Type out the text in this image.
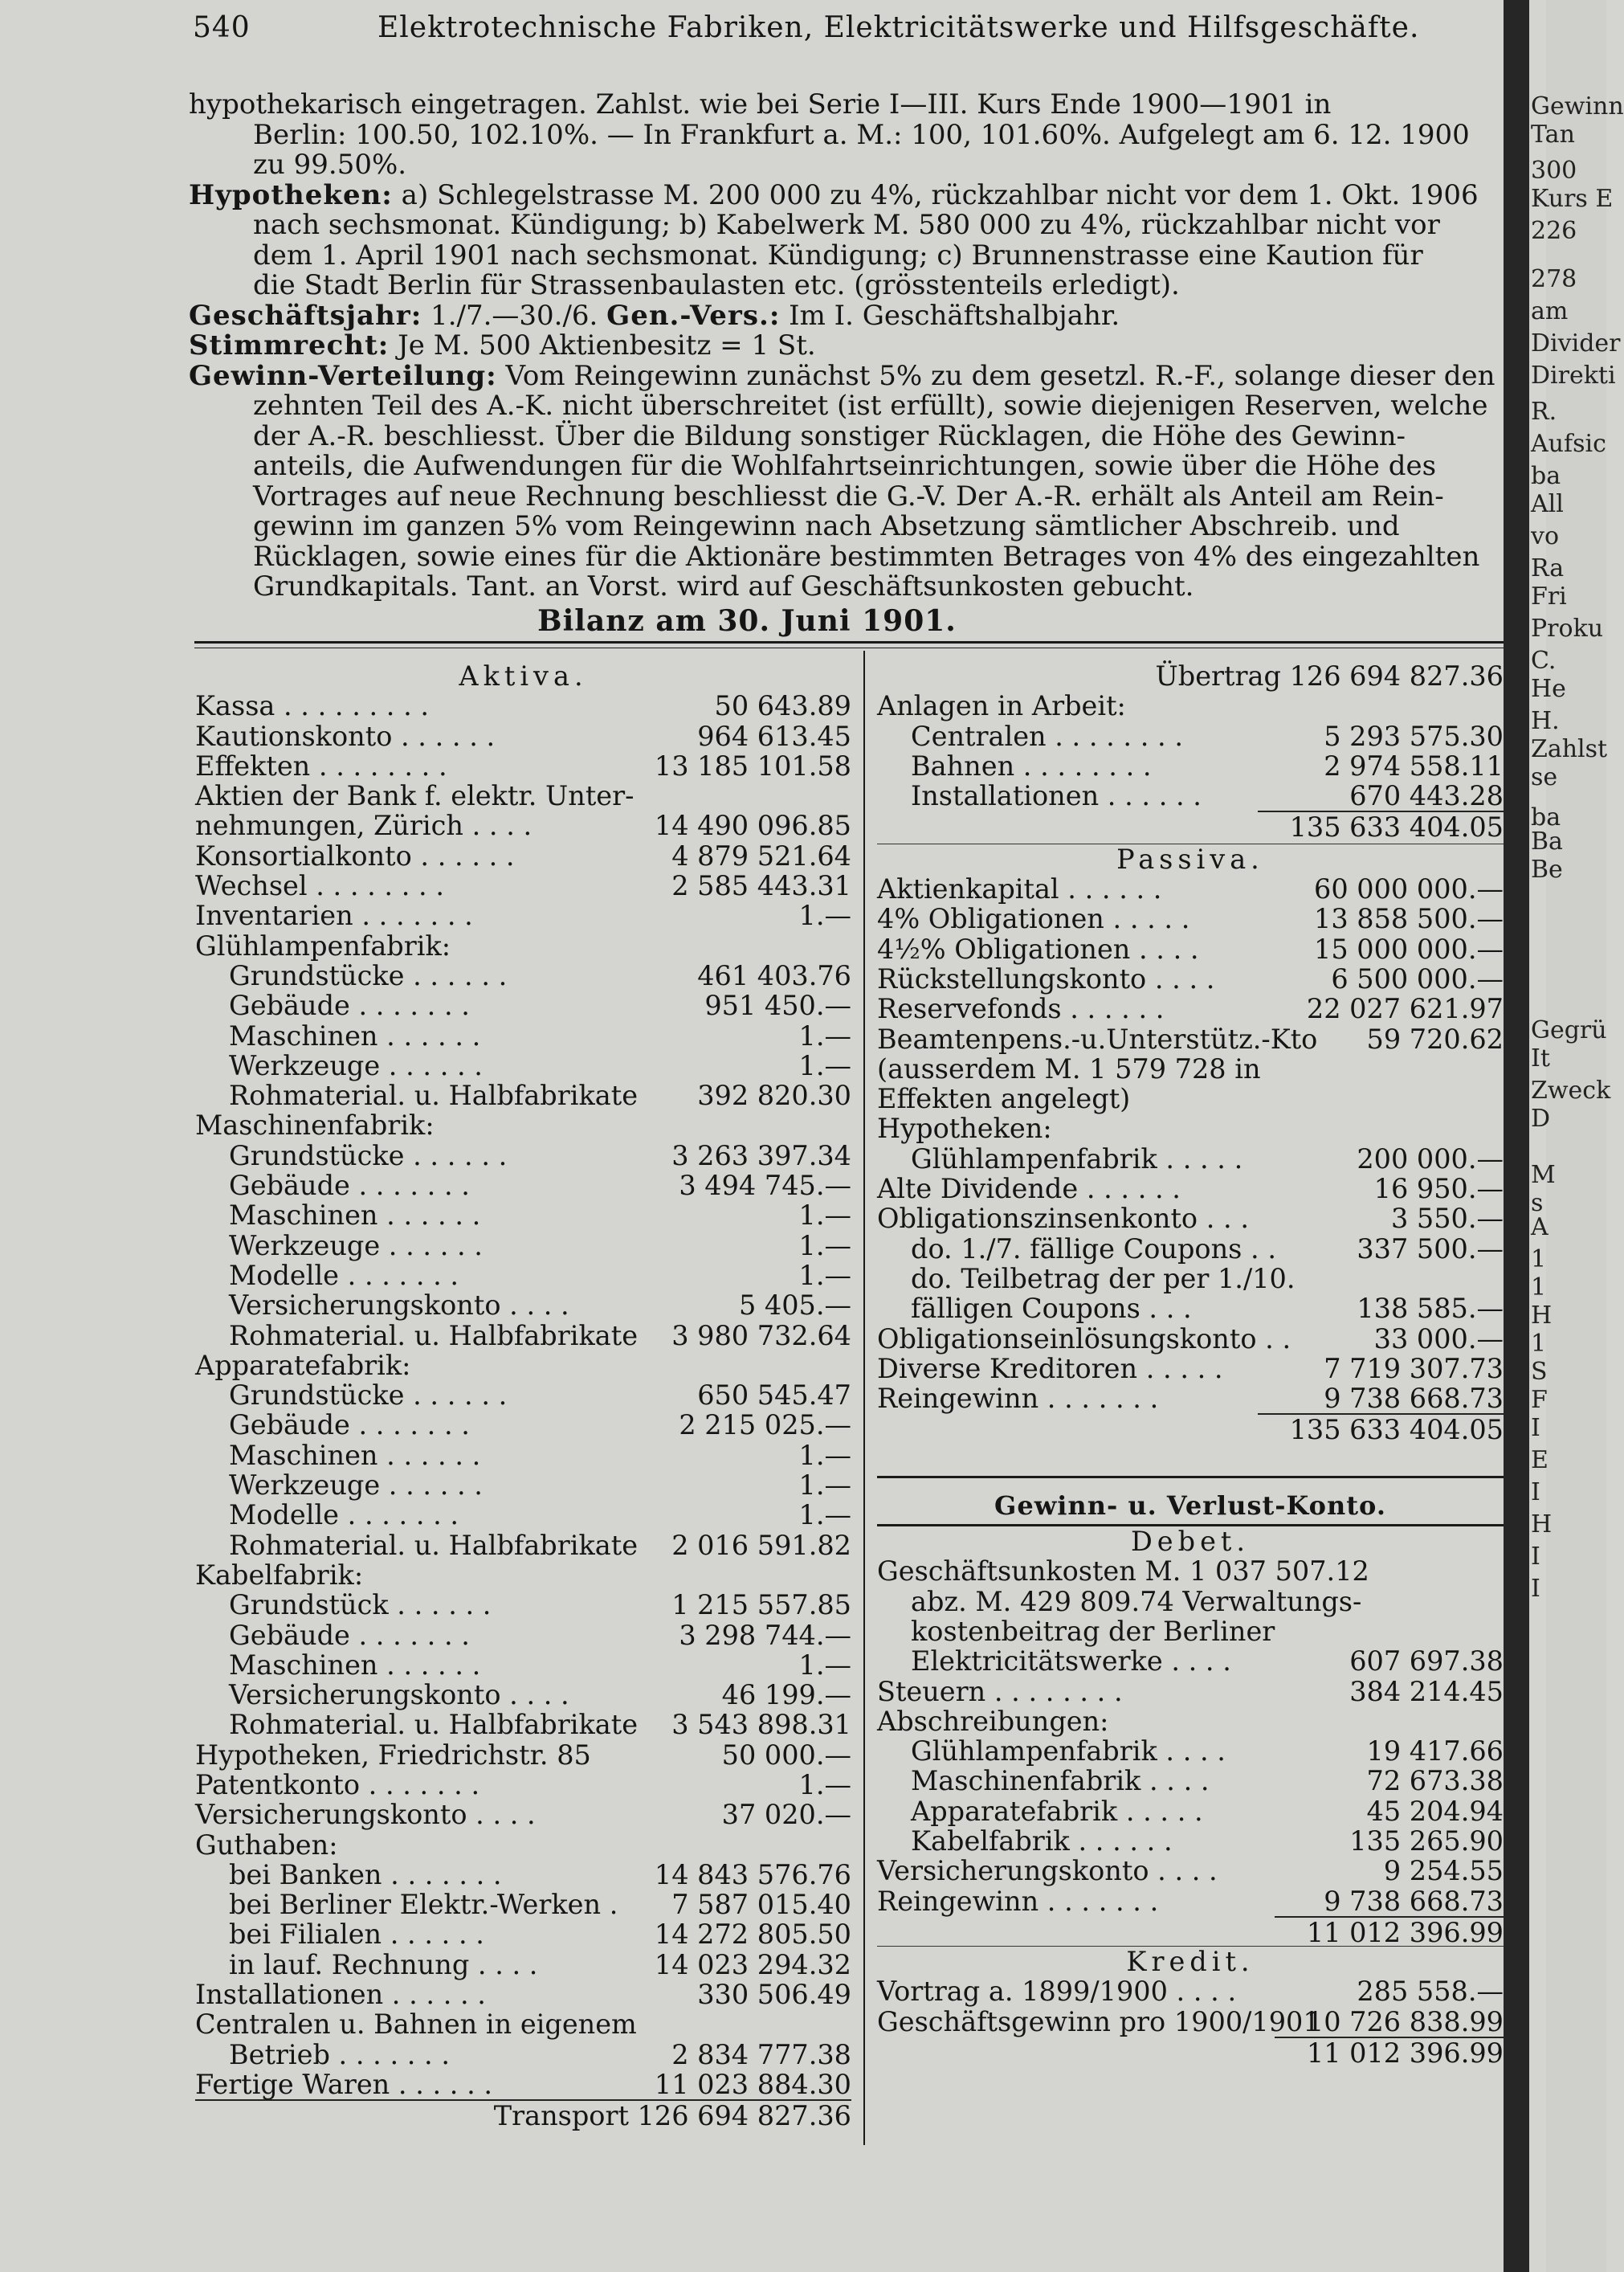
540	Elektrotechnische Fabriken, Elektricitätswerke und Hilfsgeschäfte.

hypothekarisch eingetragen. Zahlst. wie bei Serie I—III. Kurs Ende 1900—1901 in

Berlin: 100.50, 102.10%. — In Frankfurt a. M.: 100, 101.60%. Aufgelegt am 6. 12. 1900

zu 99.50%.

Hypotheken: a) Schlegelstrasse M. 200 000 zu 4%, rückzahlbar nicht vor dem 1. Okt. 1906

nach sechsmonat. Kündigung; b) Kabelwerk M. 580 000 zu 4%, rückzahlbar nicht vor

dem 1. April 1901 nach sechsmonat. Kündigung; c) Brunnenstrasse eine Kaution für

die Stadt Berlin für Strassenbaulasten etc. (grösstenteils erledigt).

Geschäftsjahr: 1./7.—30./6. Gen.-Vers.: Im I. Geschäftshalbjahr.

Stimmrecht: Je M. 500 Aktienbesitz = 1 St.

Gewinn-Verteilung: Vom Reingewinn zunächst 5% zu dem gesetzl. R.-F., solange dieser den

zehnten Teil des A.-K. nicht überschreitet (ist erfüllt), sowie diejenigen Reserven, welche

der A.-R. beschliesst. Über die Bildung sonstiger Rücklagen, die Höhe des Gewinn-

anteils, die Aufwendungen für die Wohlfahrtseinrichtungen, sowie über die Höhe des

Vortrages auf neue Rechnung beschliesst die G.-V. Der A.-R. erhält als Anteil am Rein-

gewinn im ganzen 5% vom Reingewinn nach Absetzung sämtlicher Abschreib. und

Rücklagen, sowie eines für die Aktionäre bestimmten Betrages von 4% des eingezahlten

Grundkapitals. Tant. an Vorst. wird auf Geschäftsunkosten gebucht.

Bilanz am 30. Juni 1901.
Aktiva.
Kassa . . . . . . . . .	50 643.89
Kautionskonto . . . . . .	964 613.45
Effekten . . . . . . . .	13 185 101.58
Aktien der Bank f. elektr. Unter-
nehmungen, Zürich . . . .	14 490 096.85
Konsortialkonto . . . . . .	4 879 521.64
Wechsel . . . . . . . .	2 585 443.31
Inventarien . . . . . . .	1.—
Glühlampenfabrik:
Grundstücke . . . . . .	461 403.76
Gebäude . . . . . . .	951 450.—
Maschinen . . . . . .	1.—
Werkzeuge . . . . . .	1.—
Rohmaterial. u. Halbfabrikate 392 820.30
Maschinenfabrik:
Grundstücke . . . . . .	3 263 397.34
Gebäude . . . . . . .	3 494 745.—
Maschinen . . . . . .	1.—
Werkzeuge . . . . . .	1.—
Modelle . . . . . . .	1.—
Versicherungskonto . . . .	5 405.—
Rohmaterial. u. Halbfabrikate 3 980 732.64
Apparatefabrik:
Grundstücke . . . . . .	650 545.47
Gebäude . . . . . . .	2 215 025.—
Maschinen . . . . . .	1.—
Werkzeuge . . . . . .	1.—
Modelle . . . . . . .	1.—
Rohmaterial. u. Halbfabrikate 2 016 591.82
Kabelfabrik:
Grundstück . . . . . .	1 215 557.85
Gebäude . . . . . . .	3 298 744.—
Maschinen . . . . . .	1.—
Versicherungskonto . . . .	46 199.—
Rohmaterial. u. Halbfabrikate 3 543 898.31
Hypotheken, Friedrichstr. 85	50 000.—
Patentkonto . . . . . . .	1.—
Versicherungskonto . . . .	37 020.—
Guthaben:
bei Banken . . . . . . .	14 843 576.76
bei Berliner Elektr.-Werken . 7 587 015.40
bei Filialen . . . . . .	14 272 805.50
in lauf. Rechnung . . . .	14 023 294.32
Installationen . . . . . .	330 506.49
Centralen u. Bahnen in eigenem
Betrieb . . . . . . .	2 834 777.38
Fertige Waren . . . . . .	11 023 884.30
Transport 126 694 827.36
Übertrag 126 694 827.36
Anlagen in Arbeit:
Centralen . . . . . . . .	5 293 575.30
Bahnen . . . . . . . .	2 974 558.11
Installationen . . . . . .	670 443.28
135 633 404.05
Passiva.
Aktienkapital . . . . . .	60 000 000.—
4% Obligationen . . . . .	13 858 500.—
4½% Obligationen . . . .	15 000 000.—
Rückstellungskonto . . . .	6 500 000.—
Reservefonds . . . . . .	22 027 621.97
Beamtenpens.-u.Unterstütz.-Kto 59 720.62
(ausserdem M. 1 579 728 in
Effekten angelegt)
Hypotheken:
Glühlampenfabrik . . . . .	200 000.—
Alte Dividende . . . . . .	16 950.—
Obligationszinsenkonto . . .	3 550.—
do. 1./7. fällige Coupons . .	337 500.—
do. Teilbetrag der per 1./10.
fälligen Coupons . . .	138 585.—
Obligationseinlösungskonto . .	33 000.—
Diverse Kreditoren . . . . .	7 719 307.73
Reingewinn . . . . . . .	9 738 668.73
135 633 404.05
Gewinn- u. Verlust-Konto.
Debet.
Geschäftsunkosten M. 1 037 507.12
abz. M. 429 809.74 Verwaltungs-
kostenbeitrag der Berliner
Elektricitätswerke . . . .	607 697.38
Steuern . . . . . . . .	384 214.45
Abschreibungen:
Glühlampenfabrik . . . .	19 417.66
Maschinenfabrik . . . .	72 673.38
Apparatefabrik . . . . .	45 204.94
Kabelfabrik . . . . . .	135 265.90
Versicherungskonto . . . .	9 254.55
Reingewinn . . . . . . .	9 738 668.73
11 012 396.99
Kredit.
Vortrag a. 1899/1900 . . . .	285 558.—
Geschäftsgewinn pro 1900/1901
10 726 838.99
11 012 396.99
Gewinn
Tan
300
Kurs E
226
278
am
Divider
Direkti
R.
Aufsic
ba
All
vo
Ra
Fri
Proku
C.
He
H.
Zahlst
se
ba
Ba
Be
Gegrü
It
Zweck
D
M
s
A
1
1
H
1
S
F
I
E
I
H
I
I
